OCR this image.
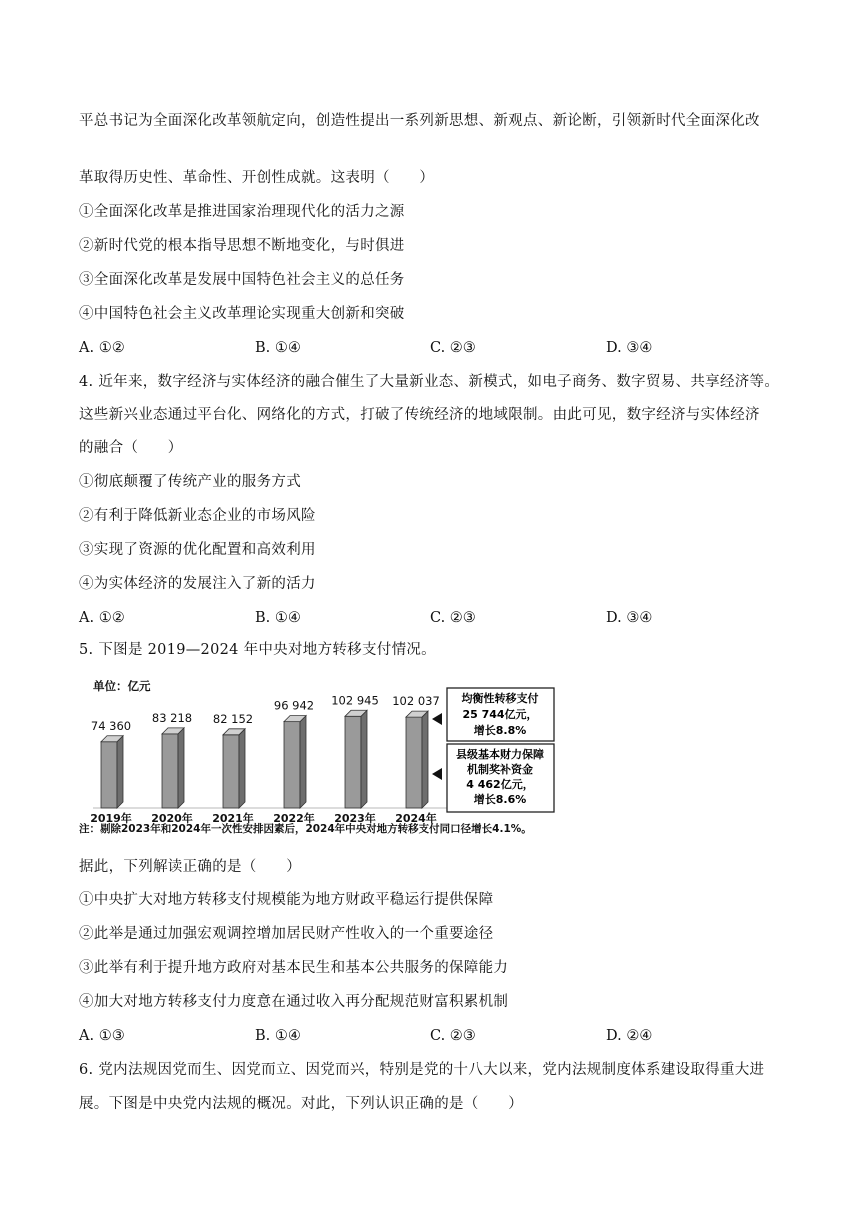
平总书记为全面深化改革领航定向，创造性提出一系列新思想、新观点、新论断，引领新时代全面深化改
革取得历史性、革命性、开创性成就。这表明（　　）
①全面深化改革是推进国家治理现代化的活力之源
②新时代党的根本指导思想不断地变化，与时俱进
③全面深化改革是发展中国特色社会主义的总任务
④中国特色社会主义改革理论实现重大创新和突破
A. ①②	B. ①④	C. ②③	D. ③④
4. 近年来，数字经济与实体经济的融合催生了大量新业态、新模式，如电子商务、数字贸易、共享经济等。
这些新兴业态通过平台化、网络化的方式，打破了传统经济的地域限制。由此可见，数字经济与实体经济
的融合（　　）
①彻底颠覆了传统产业的服务方式
②有利于降低新业态企业的市场风险
③实现了资源的优化配置和高效利用
④为实体经济的发展注入了新的活力
A. ①②	B. ①④	C. ②③	D. ③④
5. 下图是 2019—2024 年中央对地方转移支付情况。
单位：亿元
74 360
2019年
83 218
2020年
82 152
2021年
96 942
2022年
102 945
2023年
102 037
2024年
均衡性转移支付
25 744亿元，
增长8.8%
县级基本财力保障
机制奖补资金
4 462亿元，
增长8.6%
注：剔除2023年和2024年一次性安排因素后，2024年中央对地方转移支付同口径增长4.1%。
据此，下列解读正确的是（　　）
①中央扩大对地方转移支付规模能为地方财政平稳运行提供保障
②此举是通过加强宏观调控增加居民财产性收入的一个重要途径
③此举有利于提升地方政府对基本民生和基本公共服务的保障能力
④加大对地方转移支付力度意在通过收入再分配规范财富积累机制
A. ①③	B. ①④	C. ②③	D. ②④
6. 党内法规因党而生、因党而立、因党而兴，特别是党的十八大以来，党内法规制度体系建设取得重大进
展。下图是中央党内法规的概况。对此，下列认识正确的是（　　）
